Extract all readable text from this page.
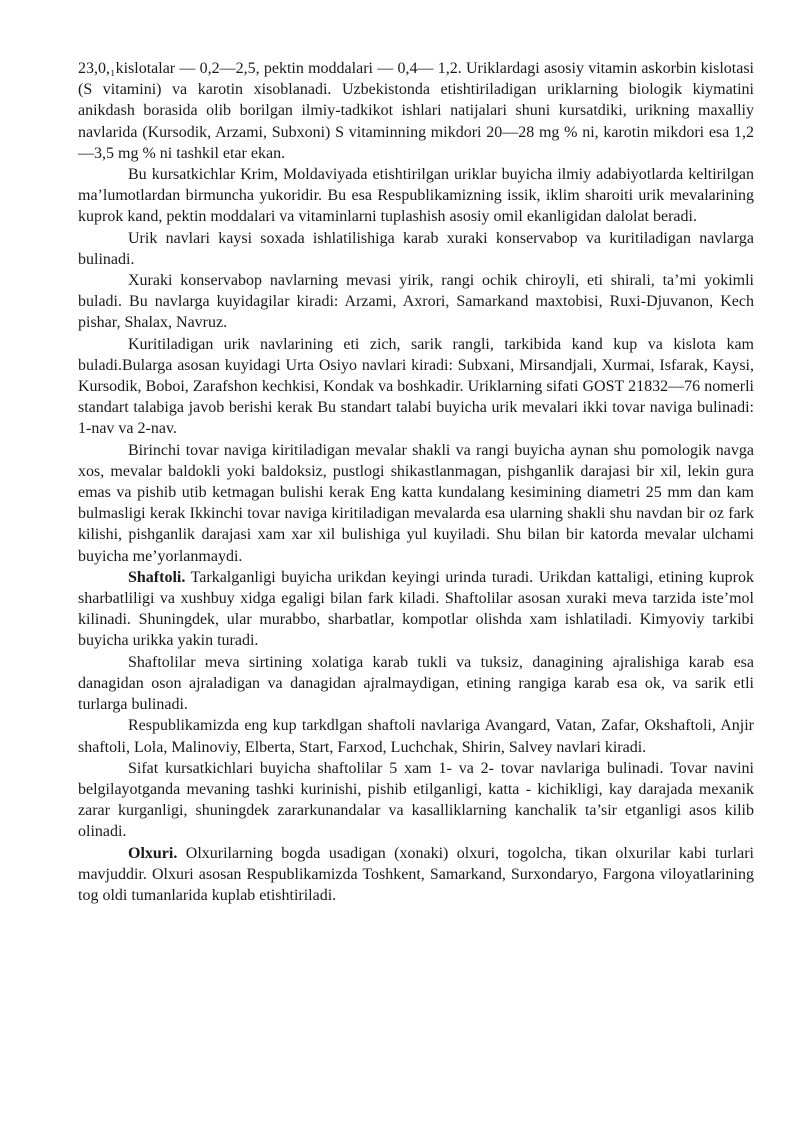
23,0,₁kislotalar — 0,2—2,5, pektin moddalari — 0,4— 1,2. Uriklardagi asosiy vitamin askorbin kislotasi (S vitamini) va karotin xisoblanadi. Uzbekistonda etishtiriladigan uriklarning biologik kiymatini anikdash borasida olib borilgan ilmiy-tadkikot ishlari natijalari shuni kursatdiki, urikning maxalliy navlarida (Kursodik, Arzami, Subxoni) S vitaminning mikdori 20—28 mg % ni, karotin mikdori esa 1,2—3,5 mg % ni tashkil etar ekan.

Bu kursatkichlar Krim, Moldaviyada etishtirilgan uriklar buyicha ilmiy adabiyotlarda keltirilgan ma’lumotlardan birmuncha yukoridir. Bu esa Respublikamizning issik, iklim sharoiti urik mevalarining kuprok kand, pektin moddalari va vitaminlarni tuplashish asosiy omil ekanligidan dalolat beradi.

Urik navlari kaysi soxada ishlatilishiga karab xuraki konservabop va kuritiladigan navlarga bulinadi.

Xuraki konservabop navlarning mevasi yirik, rangi ochik chiroyli, eti shirali, ta’mi yokimli buladi. Bu navlarga kuyidagilar kiradi: Arzami, Axrori, Samarkand maxtobisi, Ruxi-Djuvanon, Kech pishar, Shalax, Navruz.

Kuritiladigan urik navlarining eti zich, sarik rangli, tarkibida kand kup va kislota kam buladi.Bularga asosan kuyidagi Urta Osiyo navlari kiradi: Subxani, Mirsandjali, Xurmai, Isfarak, Kaysi, Kursodik, Boboi, Zarafshon kechkisi, Kondak va boshkadir. Uriklarning sifati GOST 21832—76 nomerli standart talabiga javob berishi kerak Bu standart talabi buyicha urik mevalari ikki tovar naviga bulinadi: 1-nav va 2-nav.

Birinchi tovar naviga kiritiladigan mevalar shakli va rangi buyicha aynan shu pomologik navga xos, mevalar baldokli yoki baldoksiz, pustlogi shikastlanmagan, pishganlik darajasi bir xil, lekin gura emas va pishib utib ketmagan bulishi kerak Eng katta kundalang kesimining diametri 25 mm dan kam bulmasligi kerak Ikkinchi tovar naviga kiritiladigan mevalarda esa ularning shakli shu navdan bir oz fark kilishi, pishganlik darajasi xam xar xil bulishiga yul kuyiladi. Shu bilan bir katorda mevalar ulchami buyicha me’yorlanmaydi.

Shaftoli. Tarkalganligi buyicha urikdan keyingi urinda turadi. Urikdan kattaligi, etining kuprok sharbatliligi va xushbuy xidga egaligi bilan fark kiladi. Shaftolilar asosan xuraki meva tarzida iste’mol kilinadi. Shuningdek, ular murabbo, sharbatlar, kompotlar olishda xam ishlatiladi. Kimyoviy tarkibi buyicha urikka yakin turadi.

Shaftolilar meva sirtining xolatiga karab tukli va tuksiz, danagining ajralishiga karab esa danagidan oson ajraladigan va danagidan ajralmaydigan, etining rangiga karab esa ok, va sarik etli turlarga bulinadi.

Respublikamizda eng kup tarkdlgan shaftoli navlariga Avangard, Vatan, Zafar, Okshaftoli, Anjir shaftoli, Lola, Malinoviy, Elberta, Start, Farxod, Luchchak, Shirin, Salvey navlari kiradi.

Sifat kursatkichlari buyicha shaftolilar 5 xam 1- va 2- tovar navlariga bulinadi. Tovar navini belgilayotganda mevaning tashki kurinishi, pishib etilganligi, katta - kichikligi, kay darajada mexanik zarar kurganligi, shuningdek zararkunandalar va kasalliklarning kanchalik ta’sir etganligi asos kilib olinadi.

Olxuri. Olxurilarning bogda usadigan (xonaki) olxuri, togolcha, tikan olxurilar kabi turlari mavjuddir. Olxuri asosan Respublikamizda Toshkent, Samarkand, Surxondaryo, Fargona viloyatlarining tog oldi tumanlarida kuplab etishtiriladi.
